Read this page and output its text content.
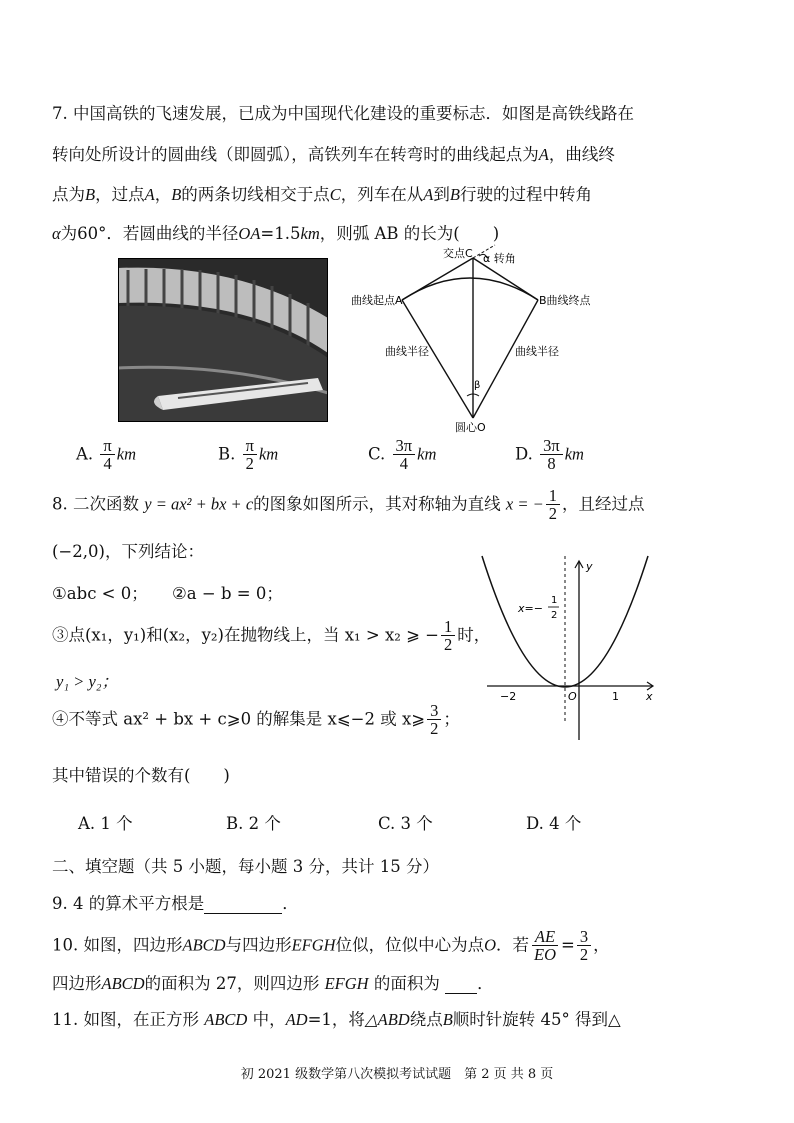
7. 中国高铁的飞速发展，已成为中国现代化建设的重要标志．如图是高铁线路在
转向处所设计的圆曲线（即圆弧），高铁列车在转弯时的曲线起点为A，曲线终
点为B，过点A，B的两条切线相交于点C，列车在从A到B行驶的过程中转角
α为60°．若圆曲线的半径OA=1.5km，则弧 AB 的长为(　　)
交点C α 转角
曲线起点A	B曲线终点
曲线半径	曲线半径
圆心O
β
A. $\frac{\pi}{4}$ km	B. $\frac{\pi}{2}$ km	C. $\frac{3\pi}{4}$ km	D. $\frac{3\pi}{8}$ km
8. 二次函数 y = ax² + bx + c的图象如图所示，其对称轴为直线 x = − $\frac{1}{2}$ ，且经过点
(−2,0)，下列结论：
①abc < 0； ②a − b = 0；
③点(x₁，y₁)和(x₂，y₂)在抛物线上，当 x₁ > x₂ ⩾ − $\frac{1}{2}$ 时，
y₁ > y₂；
④不等式 ax² + bx + c⩾0 的解集是 x⩽−2 或 x⩾ $\frac{3}{2}$ ；
其中错误的个数有(　　)
y
x
O
−2	1
x=−
1
2
A. 1 个	B. 2 个	C. 3 个	D. 4 个
二、填空题（共 5 小题，每小题 3 分，共计 15 分）
9. 4 的算术平方根是	．
10. 如图，四边形ABCD与四边形EFGH位似，位似中心为点O．若 $\frac{AE}{EO} = \frac{3}{2}$ ，
四边形ABCD的面积为 27，则四边形 EFGH 的面积为 ．
11. 如图，在正方形 ABCD 中，AD=1，将△ABD绕点B顺时针旋转 45° 得到△
初 2021 级数学第八次模拟考试试题　第 2 页 共 8 页
